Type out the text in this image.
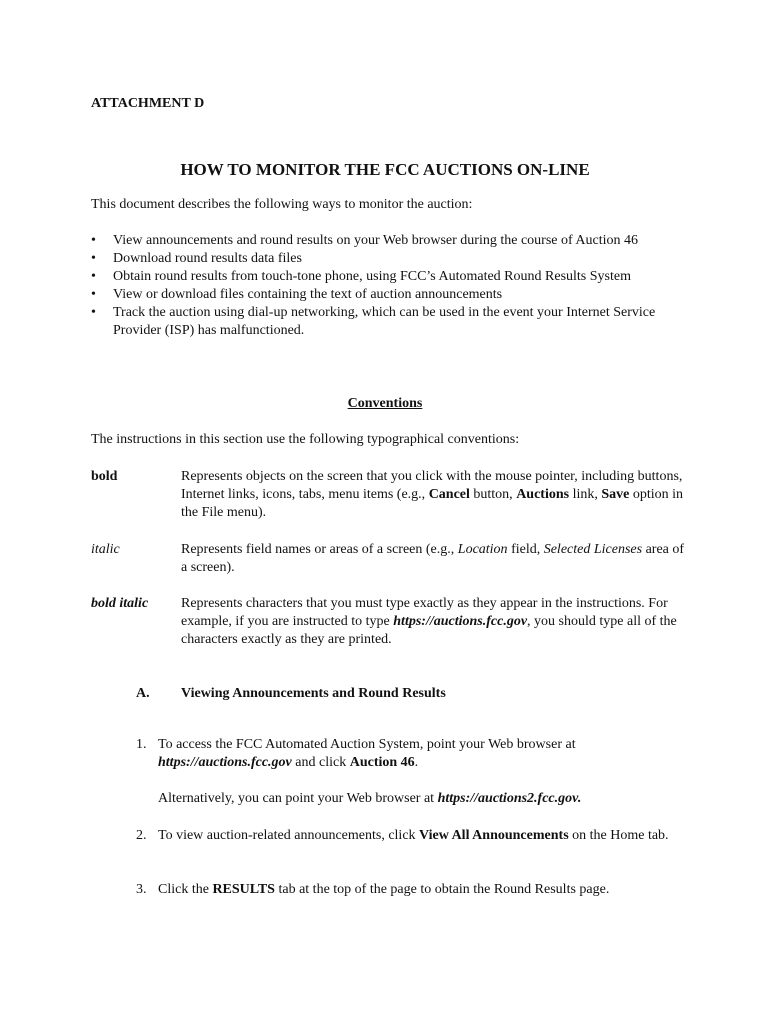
ATTACHMENT D
HOW TO MONITOR THE FCC AUCTIONS ON-LINE
This document describes the following ways to monitor the auction:
•	View announcements and round results on your Web browser during the course of Auction 46
•	Download round results data files
•	Obtain round results from touch-tone phone, using FCC’s Automated Round Results System
•	View or download files containing the text of auction announcements
•	Track the auction using dial-up networking, which can be used in the event your Internet Service Provider (ISP) has malfunctioned.
Conventions
The instructions in this section use the following typographical conventions:
bold	Represents objects on the screen that you click with the mouse pointer, including buttons, Internet links, icons, tabs, menu items (e.g., Cancel button, Auctions link, Save option in the File menu).
italic	Represents field names or areas of a screen (e.g., Location field, Selected Licenses area of a screen).
bold italic	Represents characters that you must type exactly as they appear in the instructions. For example, if you are instructed to type https://auctions.fcc.gov, you should type all of the characters exactly as they are printed.
A. Viewing Announcements and Round Results
1. To access the FCC Automated Auction System, point your Web browser at https://auctions.fcc.gov and click Auction 46.
Alternatively, you can point your Web browser at https://auctions2.fcc.gov.
2. To view auction-related announcements, click View All Announcements on the Home tab.
3. Click the RESULTS tab at the top of the page to obtain the Round Results page.
